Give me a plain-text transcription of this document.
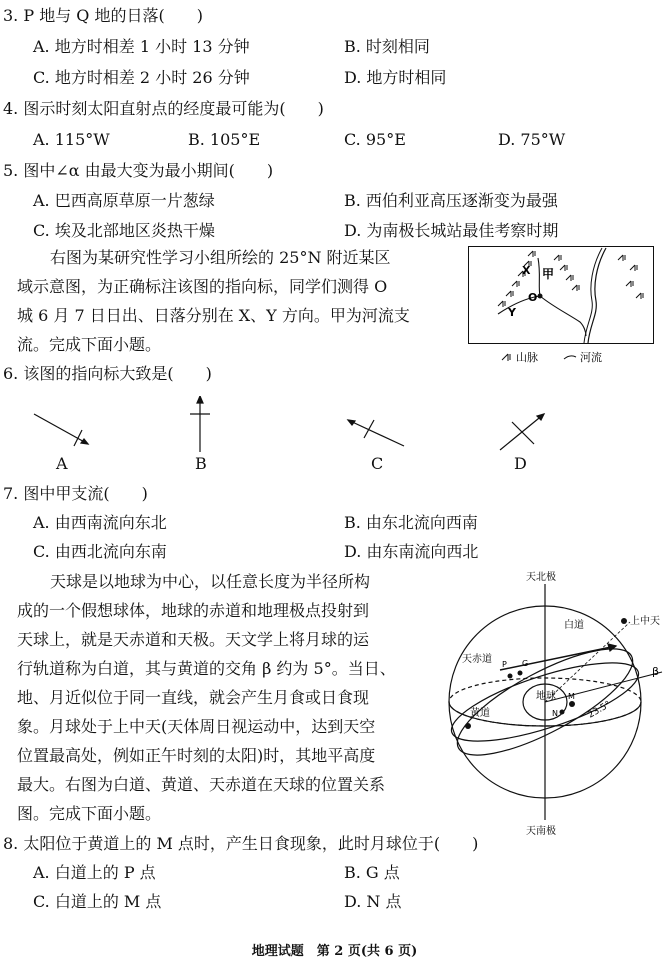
3. P 地与 Q 地的日落(　　)
A. 地方时相差 1 小时 13 分钟	B. 时刻相同
C. 地方时相差 2 小时 26 分钟	D. 地方时相同
4. 图示时刻太阳直射点的经度最可能为(　　)
A. 115°W	B. 105°E	C. 95°E	D. 75°W
5. 图中∠α 由最大变为最小期间(　　)
A. 巴西高原草原一片葱绿	B. 西伯利亚高压逐渐变为最强
C. 埃及北部地区炎热干燥	D. 为南极长城站最佳考察时期
右图为某研究性学习小组所绘的 25°N 附近某区
域示意图，为正确标注该图的指向标，同学们测得 O
城 6 月 7 日日出、日落分别在 X、Y 方向。甲为河流支
流。完成下面小题。
X
O
Y
甲
山脉	河流
6. 该图的指向标大致是(　　)
A	B	C	D
7. 图中甲支流(　　)
A. 由西南流向东北	B. 由东北流向西南
C. 由西北流向东南	D. 由东南流向西北
天球是以地球为中心，以任意长度为半径所构
成的一个假想球体，地球的赤道和地理极点投射到
天球上，就是天赤道和天极。天文学上将月球的运
行轨道称为白道，其与黄道的交角 β 约为 5°。当日、
地、月近似位于同一直线，就会产生月食或日食现
象。月球处于上中天(天体周日视运动中，达到天空
位置最高处，例如正午时刻的太阳)时，其地平高度
最大。右图为白道、黄道、天赤道在天球的位置关系
图。完成下面小题。
天北极
天南极
白道
天赤道
黄道
上中天
地球
β
23.5°
P G
N
M
8. 太阳位于黄道上的 M 点时，产生日食现象，此时月球位于(　　)
A. 白道上的 P 点	B. G 点
C. 白道上的 M 点	D. N 点
地理试题　第 2 页(共 6 页)
